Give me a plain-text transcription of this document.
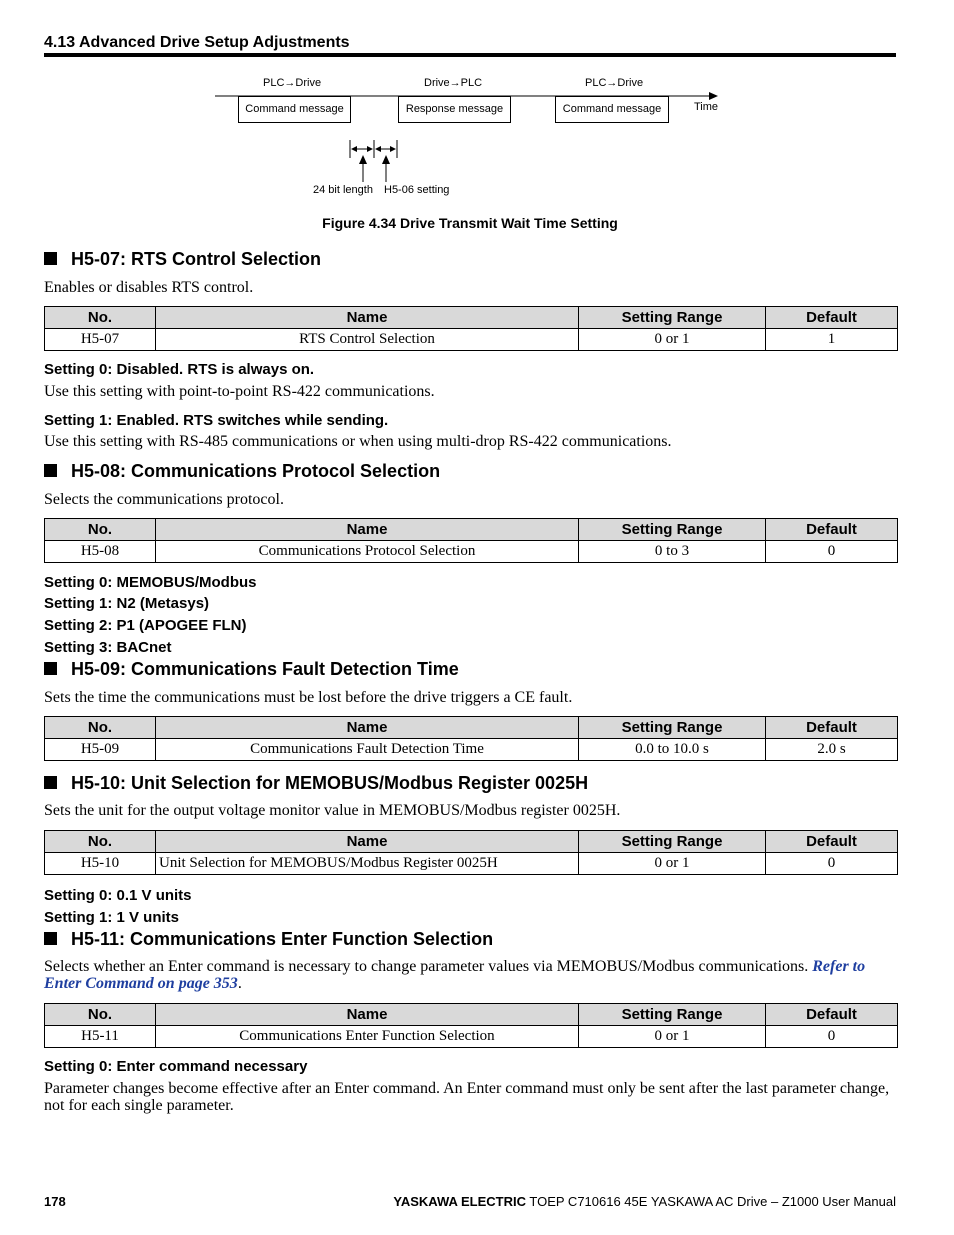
4.13 Advanced Drive Setup Adjustments
PLC→Drive	Drive→PLC	PLC→Drive
Time
Command message	Response message	Command message
24 bit length H5-06 setting
Figure 4.34 Drive Transmit Wait Time Setting
H5-07: RTS Control Selection
Enables or disables RTS control.
No.	Name	Setting Range	Default
H5-07	RTS Control Selection	0 or 1	1
Setting 0: Disabled. RTS is always on.
Use this setting with point-to-point RS-422 communications.
Setting 1: Enabled. RTS switches while sending.
Use this setting with RS-485 communications or when using multi-drop RS-422 communications.
H5-08: Communications Protocol Selection
Selects the communications protocol.
No.	Name	Setting Range	Default
H5-08	Communications Protocol Selection	0 to 3	0
Setting 0: MEMOBUS/Modbus
Setting 1: N2 (Metasys)
Setting 2: P1 (APOGEE FLN)
Setting 3: BACnet
H5-09: Communications Fault Detection Time
Sets the time the communications must be lost before the drive triggers a CE fault.
No.	Name	Setting Range	Default
H5-09	Communications Fault Detection Time	0.0 to 10.0 s	2.0 s
H5-10: Unit Selection for MEMOBUS/Modbus Register 0025H
Sets the unit for the output voltage monitor value in MEMOBUS/Modbus register 0025H.
No.	Name	Setting Range	Default
H5-10	Unit Selection for MEMOBUS/Modbus Register 0025H	0 or 1	0
Setting 0: 0.1 V units
Setting 1: 1 V units
H5-11: Communications Enter Function Selection
Selects whether an Enter command is necessary to change parameter values via MEMOBUS/Modbus communications. Refer to Enter Command on page 353.
No.	Name	Setting Range	Default
H5-11	Communications Enter Function Selection	0 or 1	0
Setting 0: Enter command necessary
Parameter changes become effective after an Enter command. An Enter command must only be sent after the last parameter change, not for each single parameter.
178	YASKAWA ELECTRIC TOEP C710616 45E YASKAWA AC Drive – Z1000 User Manual
